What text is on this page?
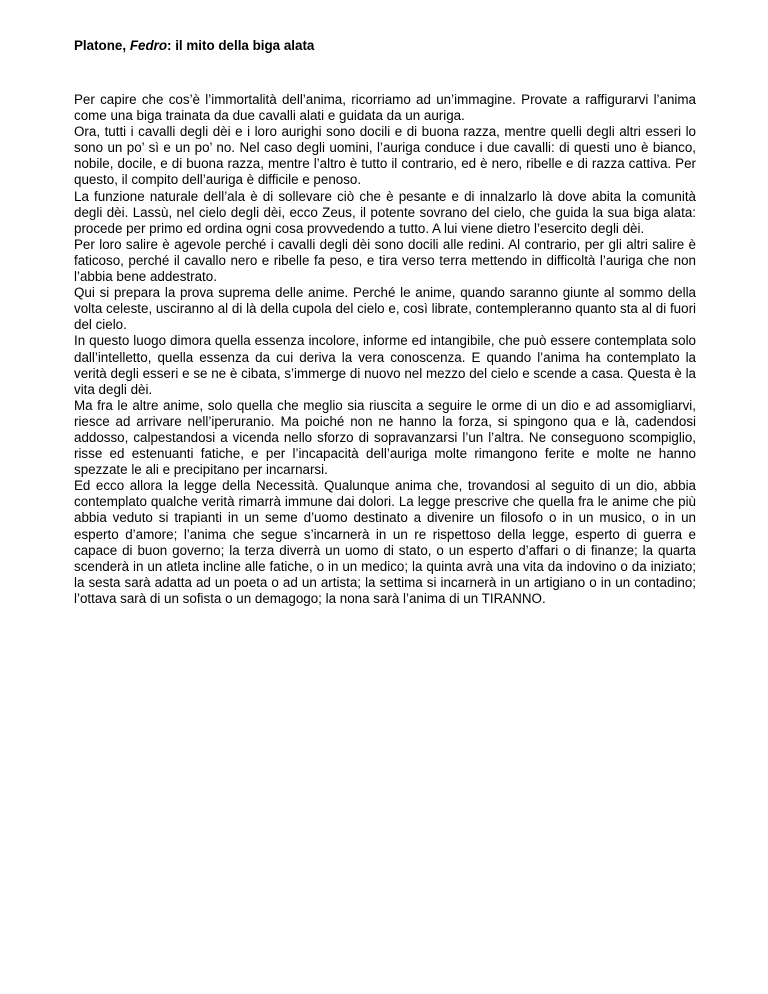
Platone, Fedro: il mito della biga alata

Per capire che cos’è l’immortalità dell’anima, ricorriamo ad un’immagine. Provate a raffigurarvi l’anima come una biga trainata da due cavalli alati e guidata da un auriga.

Ora, tutti i cavalli degli dèi e i loro aurighi sono docili e di buona razza, mentre quelli degli altri esseri lo sono un po’ sì e un po’ no. Nel caso degli uomini, l’auriga conduce i due cavalli: di questi uno è bianco, nobile, docile, e di buona razza, mentre l’altro è tutto il contrario, ed è nero, ribelle e di razza cattiva. Per questo, il compito dell’auriga è difficile e penoso.

La funzione naturale dell’ala è di sollevare ciò che è pesante e di innalzarlo là dove abita la comunità degli dèi. Lassù, nel cielo degli dèi, ecco Zeus, il potente sovrano del cielo, che guida la sua biga alata: procede per primo ed ordina ogni cosa provvedendo a tutto. A lui viene dietro l’esercito degli dèi.

Per loro salire è agevole perché i cavalli degli dèi sono docili alle redini. Al contrario, per gli altri salire è faticoso, perché il cavallo nero e ribelle fa peso, e tira verso terra mettendo in difficoltà l’auriga che non l’abbia bene addestrato.

Qui si prepara la prova suprema delle anime. Perché le anime, quando saranno giunte al sommo della volta celeste, usciranno al di là della cupola del cielo e, così librate, contempleranno quanto sta al di fuori del cielo.

In questo luogo dimora quella essenza incolore, informe ed intangibile, che può essere contemplata solo dall’intelletto, quella essenza da cui deriva la vera conoscenza. E quando l’anima ha contemplato la verità degli esseri e se ne è cibata, s’immerge di nuovo nel mezzo del cielo e scende a casa. Questa è la vita degli dèi.

Ma fra le altre anime, solo quella che meglio sia riuscita a seguire le orme di un dio e ad assomigliarvi, riesce ad arrivare nell’iperuranio. Ma poiché non ne hanno la forza, si spingono qua e là, cadendosi addosso, calpestandosi a vicenda nello sforzo di sopravanzarsi l’un l’altra. Ne conseguono scompiglio, risse ed estenuanti fatiche, e per l’incapacità dell’auriga molte rimangono ferite e molte ne hanno spezzate le ali e precipitano per incarnarsi.

Ed ecco allora la legge della Necessità. Qualunque anima che, trovandosi al seguito di un dio, abbia contemplato qualche verità rimarrà immune dai dolori. La legge prescrive che quella fra le anime che più abbia veduto si trapianti in un seme d’uomo destinato a divenire un filosofo o in un musico, o in un esperto d’amore; l’anima che segue s’incarnerà in un re rispettoso della legge, esperto di guerra e capace di buon governo; la terza diverrà un uomo di stato, o un esperto d’affari o di finanze; la quarta scenderà in un atleta incline alle fatiche, o in un medico; la quinta avrà una vita da indovino o da iniziato; la sesta sarà adatta ad un poeta o ad un artista; la settima si incarnerà in un artigiano o in un contadino; l’ottava sarà di un sofista o un demagogo; la nona sarà l’anima di un TIRANNO.
